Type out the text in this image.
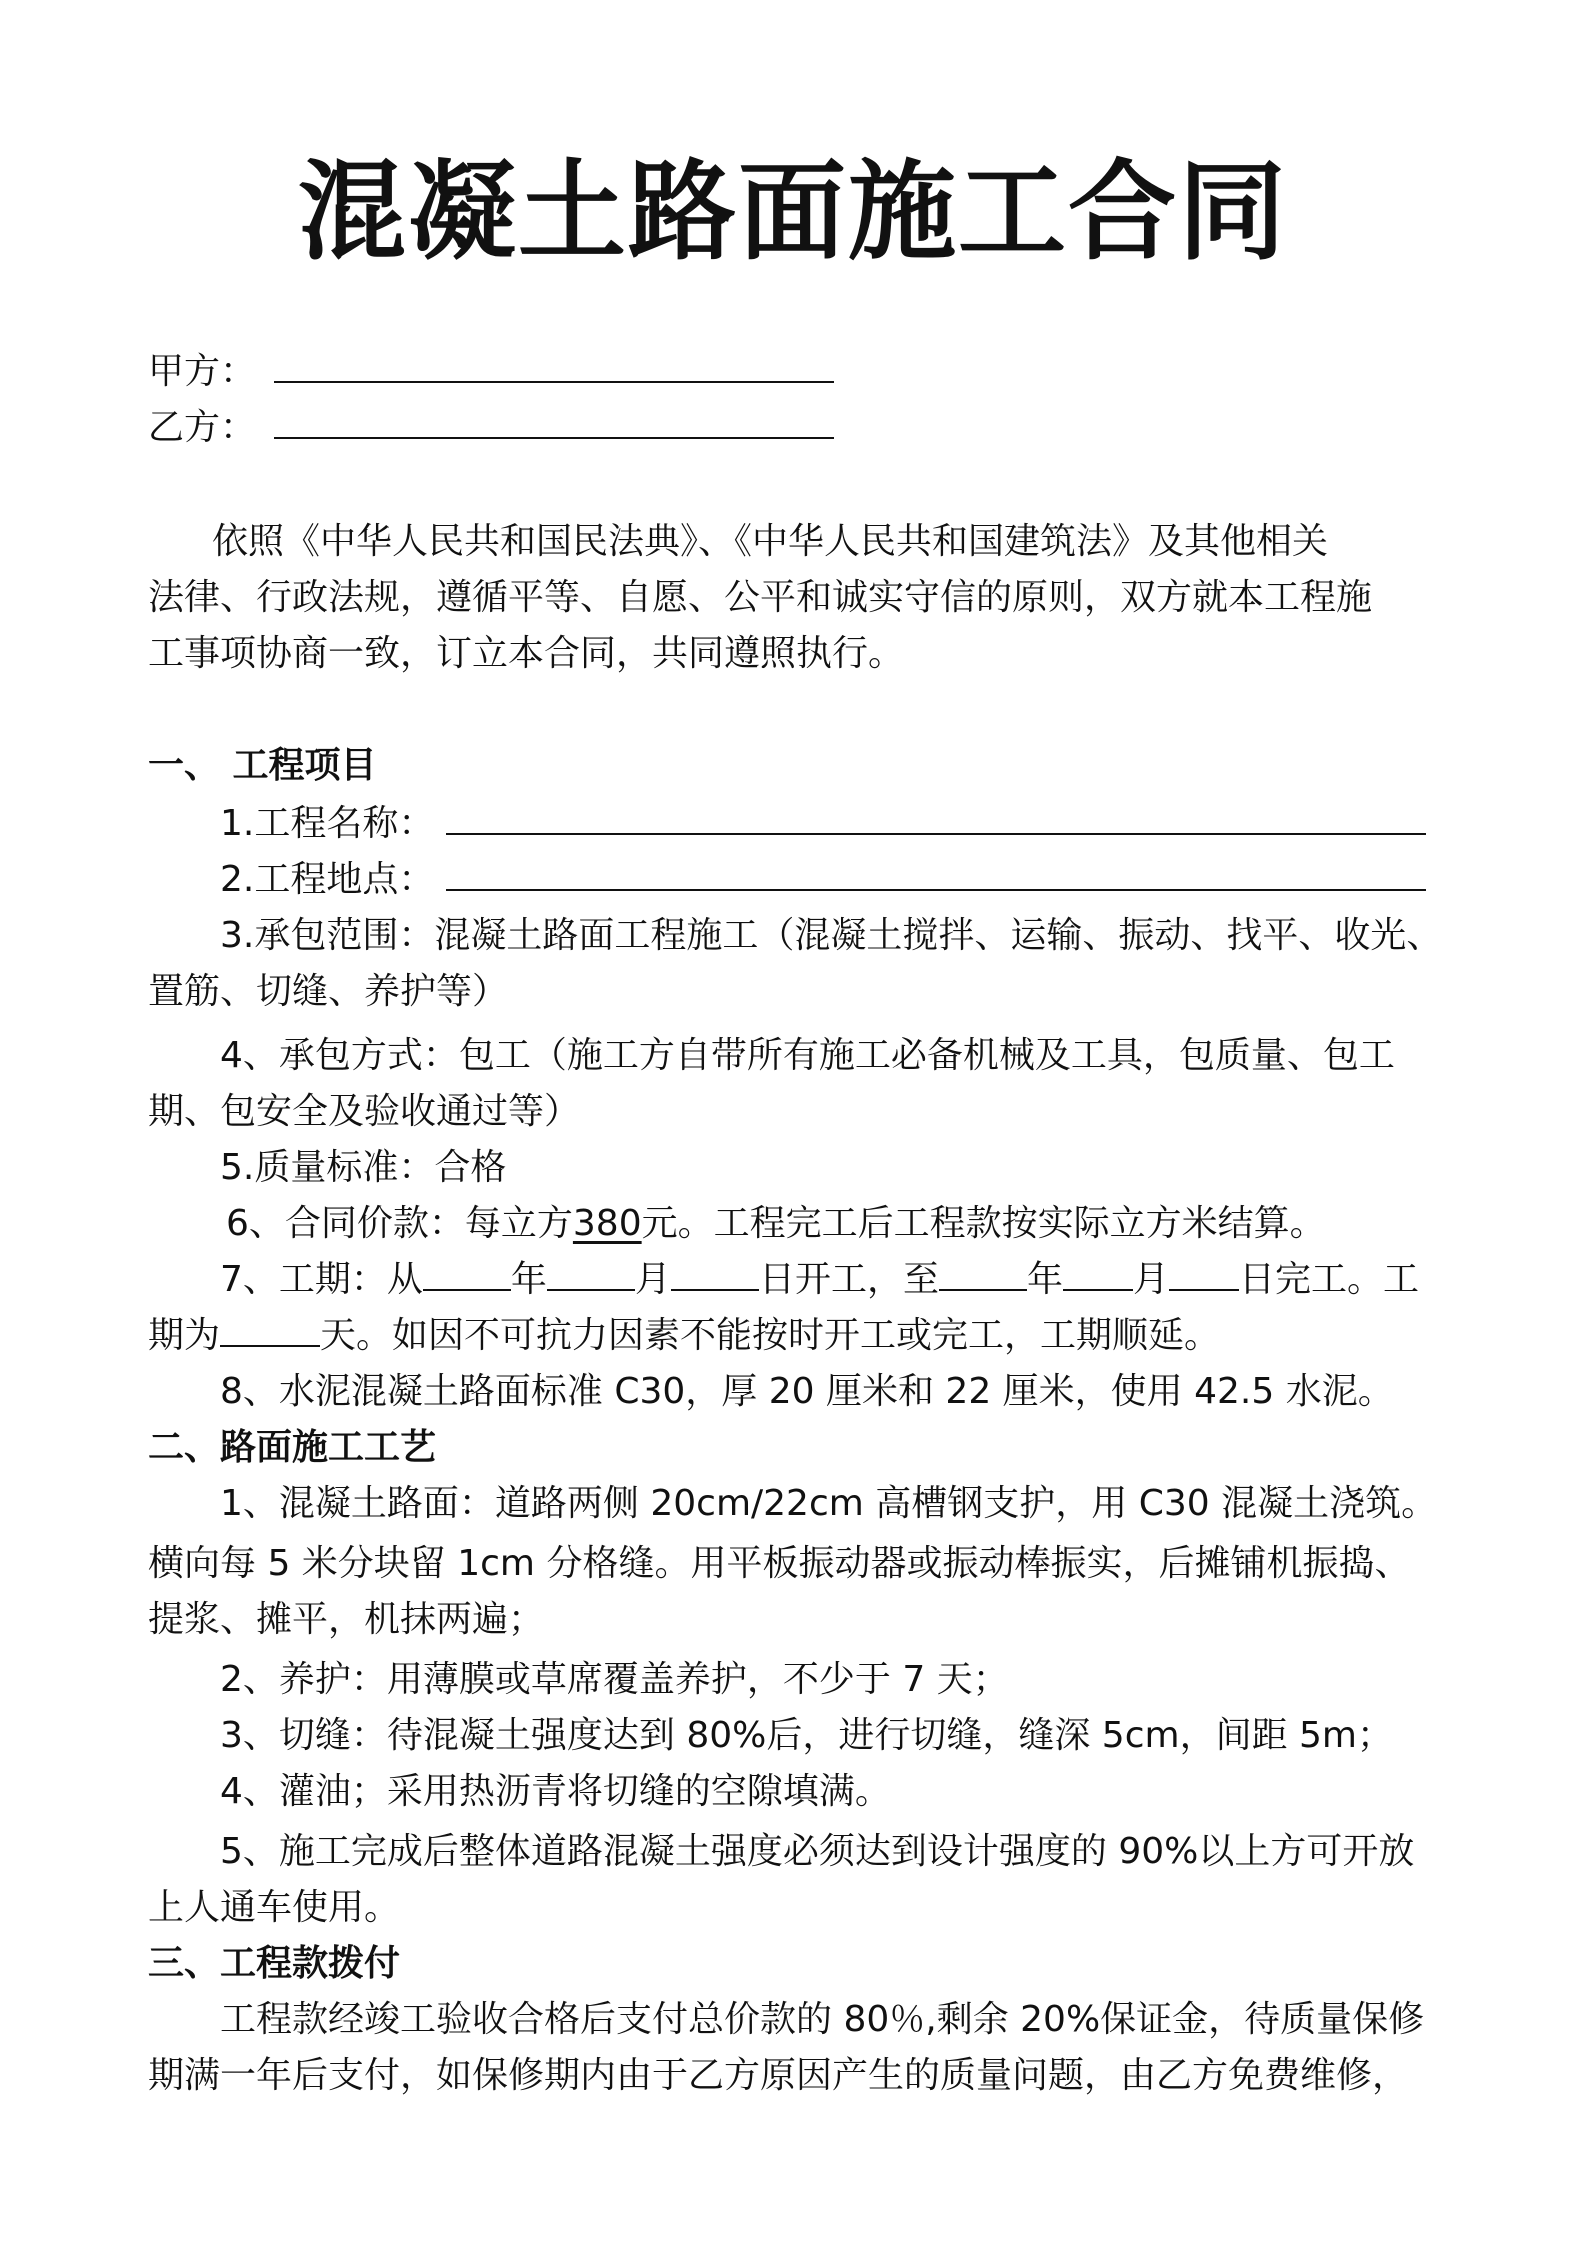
混凝土路面施工合同
甲方：
乙方：
依照《中华人民共和国民法典》、《中华人民共和国建筑法》及其他相关
法律、行政法规，遵循平等、自愿、公平和诚实守信的原则，双方就本工程施
工事项协商一致，订立本合同，共同遵照执行。
一、 工程项目
1.工程名称：
2.工程地点：
3.承包范围：混凝土路面工程施工（混凝土搅拌、运输、振动、找平、收光、
置筋、切缝、养护等）
4、承包方式：包工（施工方自带所有施工必备机械及工具，包质量、包工
期、包安全及验收通过等）
5.质量标准：合格
6、合同价款：每立方380元。工程完工后工程款按实际立方米结算。
7、工期：从 年 月 日开工，至 年 月 日完工。工
期为	天。如因不可抗力因素不能按时开工或完工，工期顺延。
8、水泥混凝土路面标准 C30，厚 20 厘米和 22 厘米，使用 42.5 水泥。
二、路面施工工艺
1、混凝土路面：道路两侧 20cm/22cm 高槽钢支护，用 C30 混凝土浇筑。
横向每 5 米分块留 1cm 分格缝。用平板振动器或振动棒振实，后摊铺机振捣、
提浆、摊平，机抹两遍；
2、养护：用薄膜或草席覆盖养护，不少于 7 天；
3、切缝：待混凝土强度达到 80%后，进行切缝，缝深 5cm，间距 5m；
4、灌油；采用热沥青将切缝的空隙填满。
5、施工完成后整体道路混凝土强度必须达到设计强度的 90%以上方可开放
上人通车使用。
三、工程款拨付
工程款经竣工验收合格后支付总价款的 80％,剩余 20%保证金，待质量保修
期满一年后支付，如保修期内由于乙方原因产生的质量问题，由乙方免费维修，
